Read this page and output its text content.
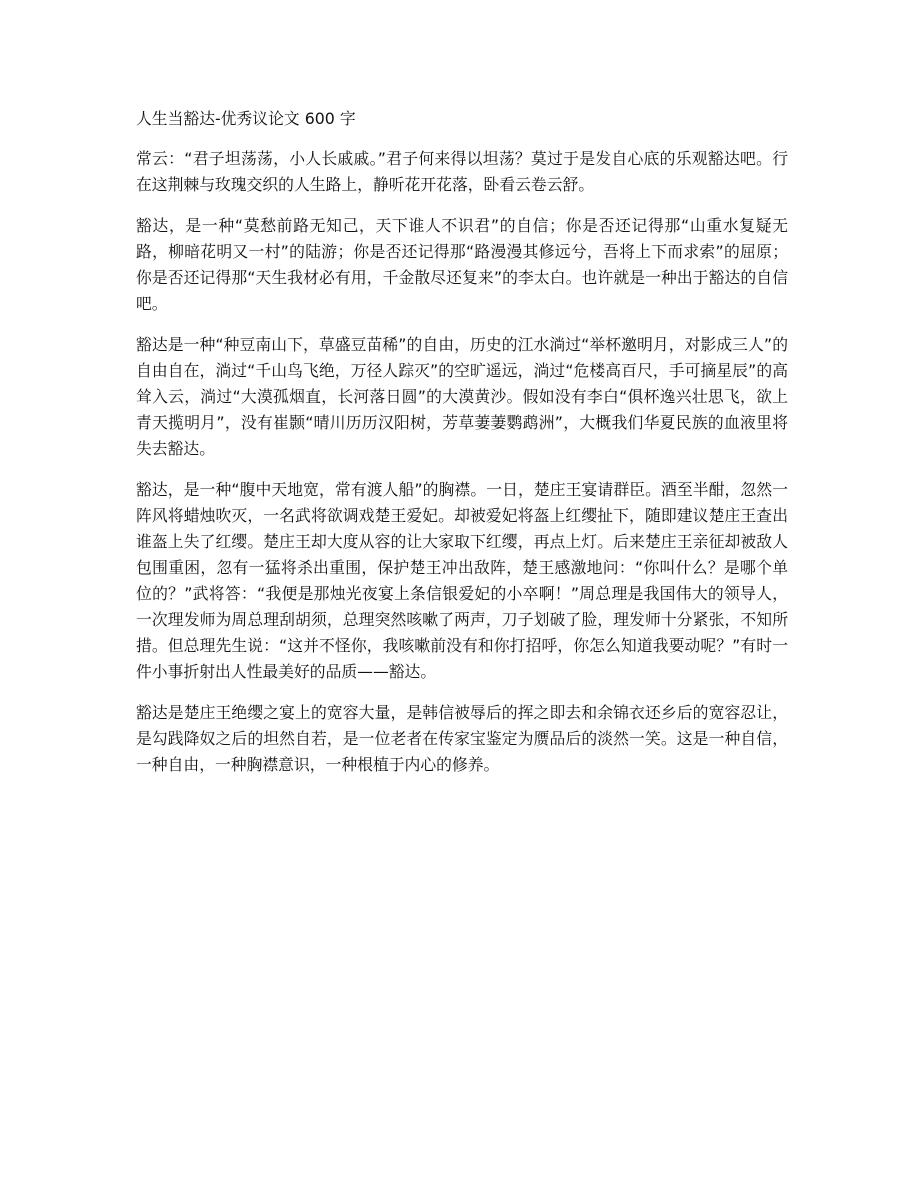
人生当豁达-优秀议论文 600 字

常云：“君子坦荡荡，小人长戚戚。”君子何来得以坦荡？莫过于是发自心底的乐观豁达吧。行在这荆棘与玫瑰交织的人生路上，静听花开花落，卧看云卷云舒。

豁达，是一种“莫愁前路无知己，天下谁人不识君”的自信；你是否还记得那“山重水复疑无路，柳暗花明又一村”的陆游；你是否还记得那“路漫漫其修远兮，吾将上下而求索”的屈原；你是否还记得那“天生我材必有用，千金散尽还复来”的李太白。也许就是一种出于豁达的自信吧。

豁达是一种“种豆南山下，草盛豆苗稀”的自由，历史的江水淌过“举杯邀明月，对影成三人”的自由自在，淌过“千山鸟飞绝，万径人踪灭”的空旷遥远，淌过“危楼高百尺，手可摘星辰”的高耸入云，淌过“大漠孤烟直，长河落日圆”的大漠黄沙。假如没有李白“俱杯逸兴壮思飞，欲上青天揽明月”，没有崔颢“晴川历历汉阳树，芳草萋萋鹦鹉洲”，大概我们华夏民族的血液里将失去豁达。

豁达，是一种“腹中天地宽，常有渡人船”的胸襟。一日，楚庄王宴请群臣。酒至半酣，忽然一阵风将蜡烛吹灭，一名武将欲调戏楚王爱妃。却被爱妃将盔上红缨扯下，随即建议楚庄王查出谁盔上失了红缨。楚庄王却大度从容的让大家取下红缨，再点上灯。后来楚庄王亲征却被敌人包围重困，忽有一猛将杀出重围，保护楚王冲出敌阵，楚王感激地问：“你叫什么？是哪个单位的？”武将答：“我便是那烛光夜宴上条信银爱妃的小卒啊！”周总理是我国伟大的领导人，一次理发师为周总理刮胡须，总理突然咳嗽了两声，刀子划破了脸，理发师十分紧张，不知所措。但总理先生说：“这并不怪你，我咳嗽前没有和你打招呼，你怎么知道我要动呢？”有时一件小事折射出人性最美好的品质——豁达。

豁达是楚庄王绝缨之宴上的宽容大量，是韩信被辱后的挥之即去和余锦衣还乡后的宽容忍让，是勾践降奴之后的坦然自若，是一位老者在传家宝鉴定为赝品后的淡然一笑。这是一种自信，一种自由，一种胸襟意识，一种根植于内心的修养。
